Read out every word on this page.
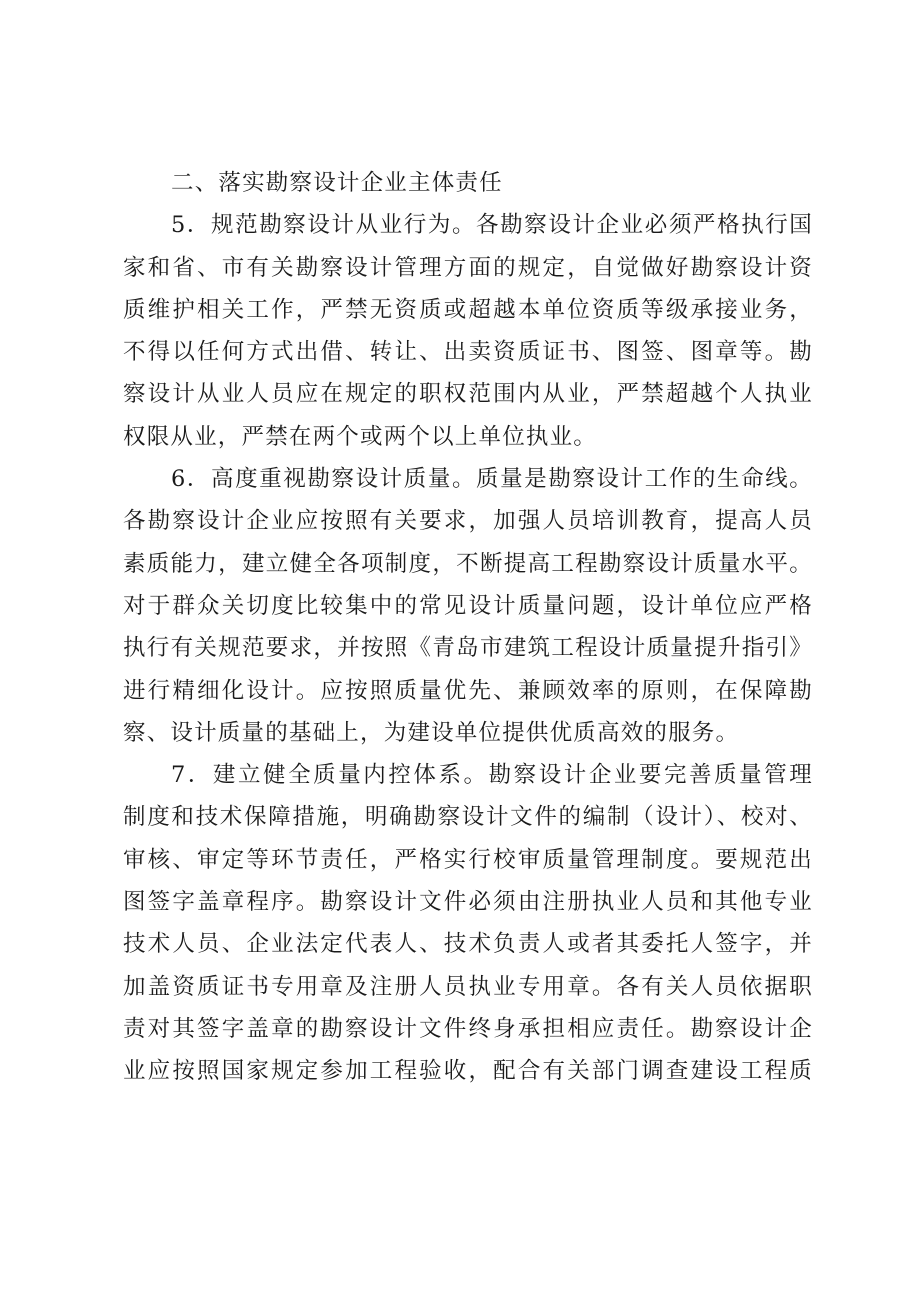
二、落实勘察设计企业主体责任
5．规范勘察设计从业行为。各勘察设计企业必须严格执行国
家和省、市有关勘察设计管理方面的规定，自觉做好勘察设计资
质维护相关工作，严禁无资质或超越本单位资质等级承接业务，
不得以任何方式出借、转让、出卖资质证书、图签、图章等。勘
察设计从业人员应在规定的职权范围内从业，严禁超越个人执业
权限从业，严禁在两个或两个以上单位执业。
6．高度重视勘察设计质量。质量是勘察设计工作的生命线。
各勘察设计企业应按照有关要求，加强人员培训教育，提高人员
素质能力，建立健全各项制度，不断提高工程勘察设计质量水平。
对于群众关切度比较集中的常见设计质量问题，设计单位应严格
执行有关规范要求，并按照《青岛市建筑工程设计质量提升指引》
进行精细化设计。应按照质量优先、兼顾效率的原则，在保障勘
察、设计质量的基础上，为建设单位提供优质高效的服务。
7．建立健全质量内控体系。勘察设计企业要完善质量管理
制度和技术保障措施，明确勘察设计文件的编制（设计）、校对、
审核、审定等环节责任，严格实行校审质量管理制度。要规范出
图签字盖章程序。勘察设计文件必须由注册执业人员和其他专业
技术人员、企业法定代表人、技术负责人或者其委托人签字，并
加盖资质证书专用章及注册人员执业专用章。各有关人员依据职
责对其签字盖章的勘察设计文件终身承担相应责任。勘察设计企
业应按照国家规定参加工程验收，配合有关部门调查建设工程质
